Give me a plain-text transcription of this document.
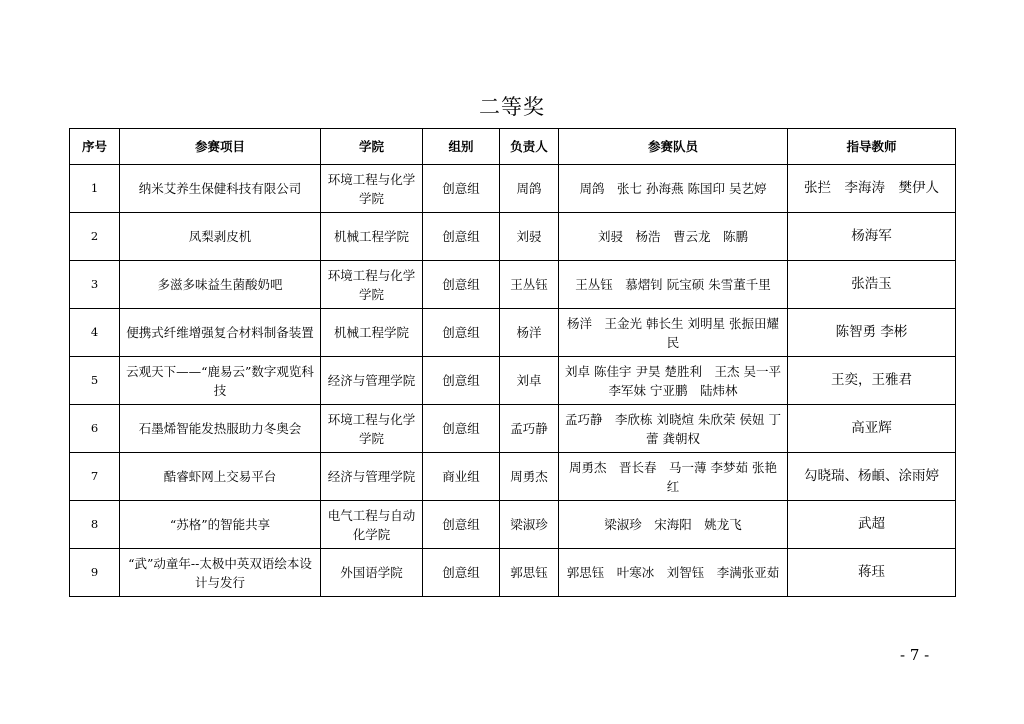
二等奖
序号	参赛项目	学院	组别	负责人	参赛队员	指导教师
1	纳米艾养生保健科技有限公司	环境工程与化学学院	创意组	周鸽	周鸽　张七 孙海燕 陈国印 吴艺婷	张拦　李海涛　樊伊人
2	凤梨剥皮机	机械工程学院	创意组	刘骎	刘骎　杨浩　曹云龙　陈鹏	杨海军
3	多滋多味益生菌酸奶吧	环境工程与化学学院	创意组	王丛钰	王丛钰　慕熠钊 阮宝硕 朱雪董千里	张浩玉
4	便携式纤维增强复合材料制备装置	机械工程学院	创意组	杨洋	杨洋　王金光 韩长生 刘明星 张振田耀民	陈智勇 李彬
5	云观天下——“鹿易云”数字观览科技	经济与管理学院	创意组	刘卓	刘卓 陈佳宇 尹昊 楚胜利　王杰 吴一平 李军妹 宁亚鹏　陆炜林	王奕，王雅君
6	石墨烯智能发热服助力冬奥会	环境工程与化学学院	创意组	孟巧静	孟巧静　李欣栋 刘晓煊 朱欣荣 侯妞 丁蕾 龚朝权	高亚辉
7	酷睿虾网上交易平台	经济与管理学院	商业组	周勇杰	周勇杰　晋长春　马一薄 李梦茹 张艳红	勾晓瑞、杨頔、涂雨婷
8	“苏格”的智能共享	电气工程与自动化学院	创意组	梁淑珍	梁淑珍　宋海阳　姚龙飞	武超
9	“武”动童年--太极中英双语绘本设计与发行	外国语学院	创意组	郭思钰	郭思钰　叶寒冰　刘智钰　李满张亚茹	蒋珏
- 7 -
